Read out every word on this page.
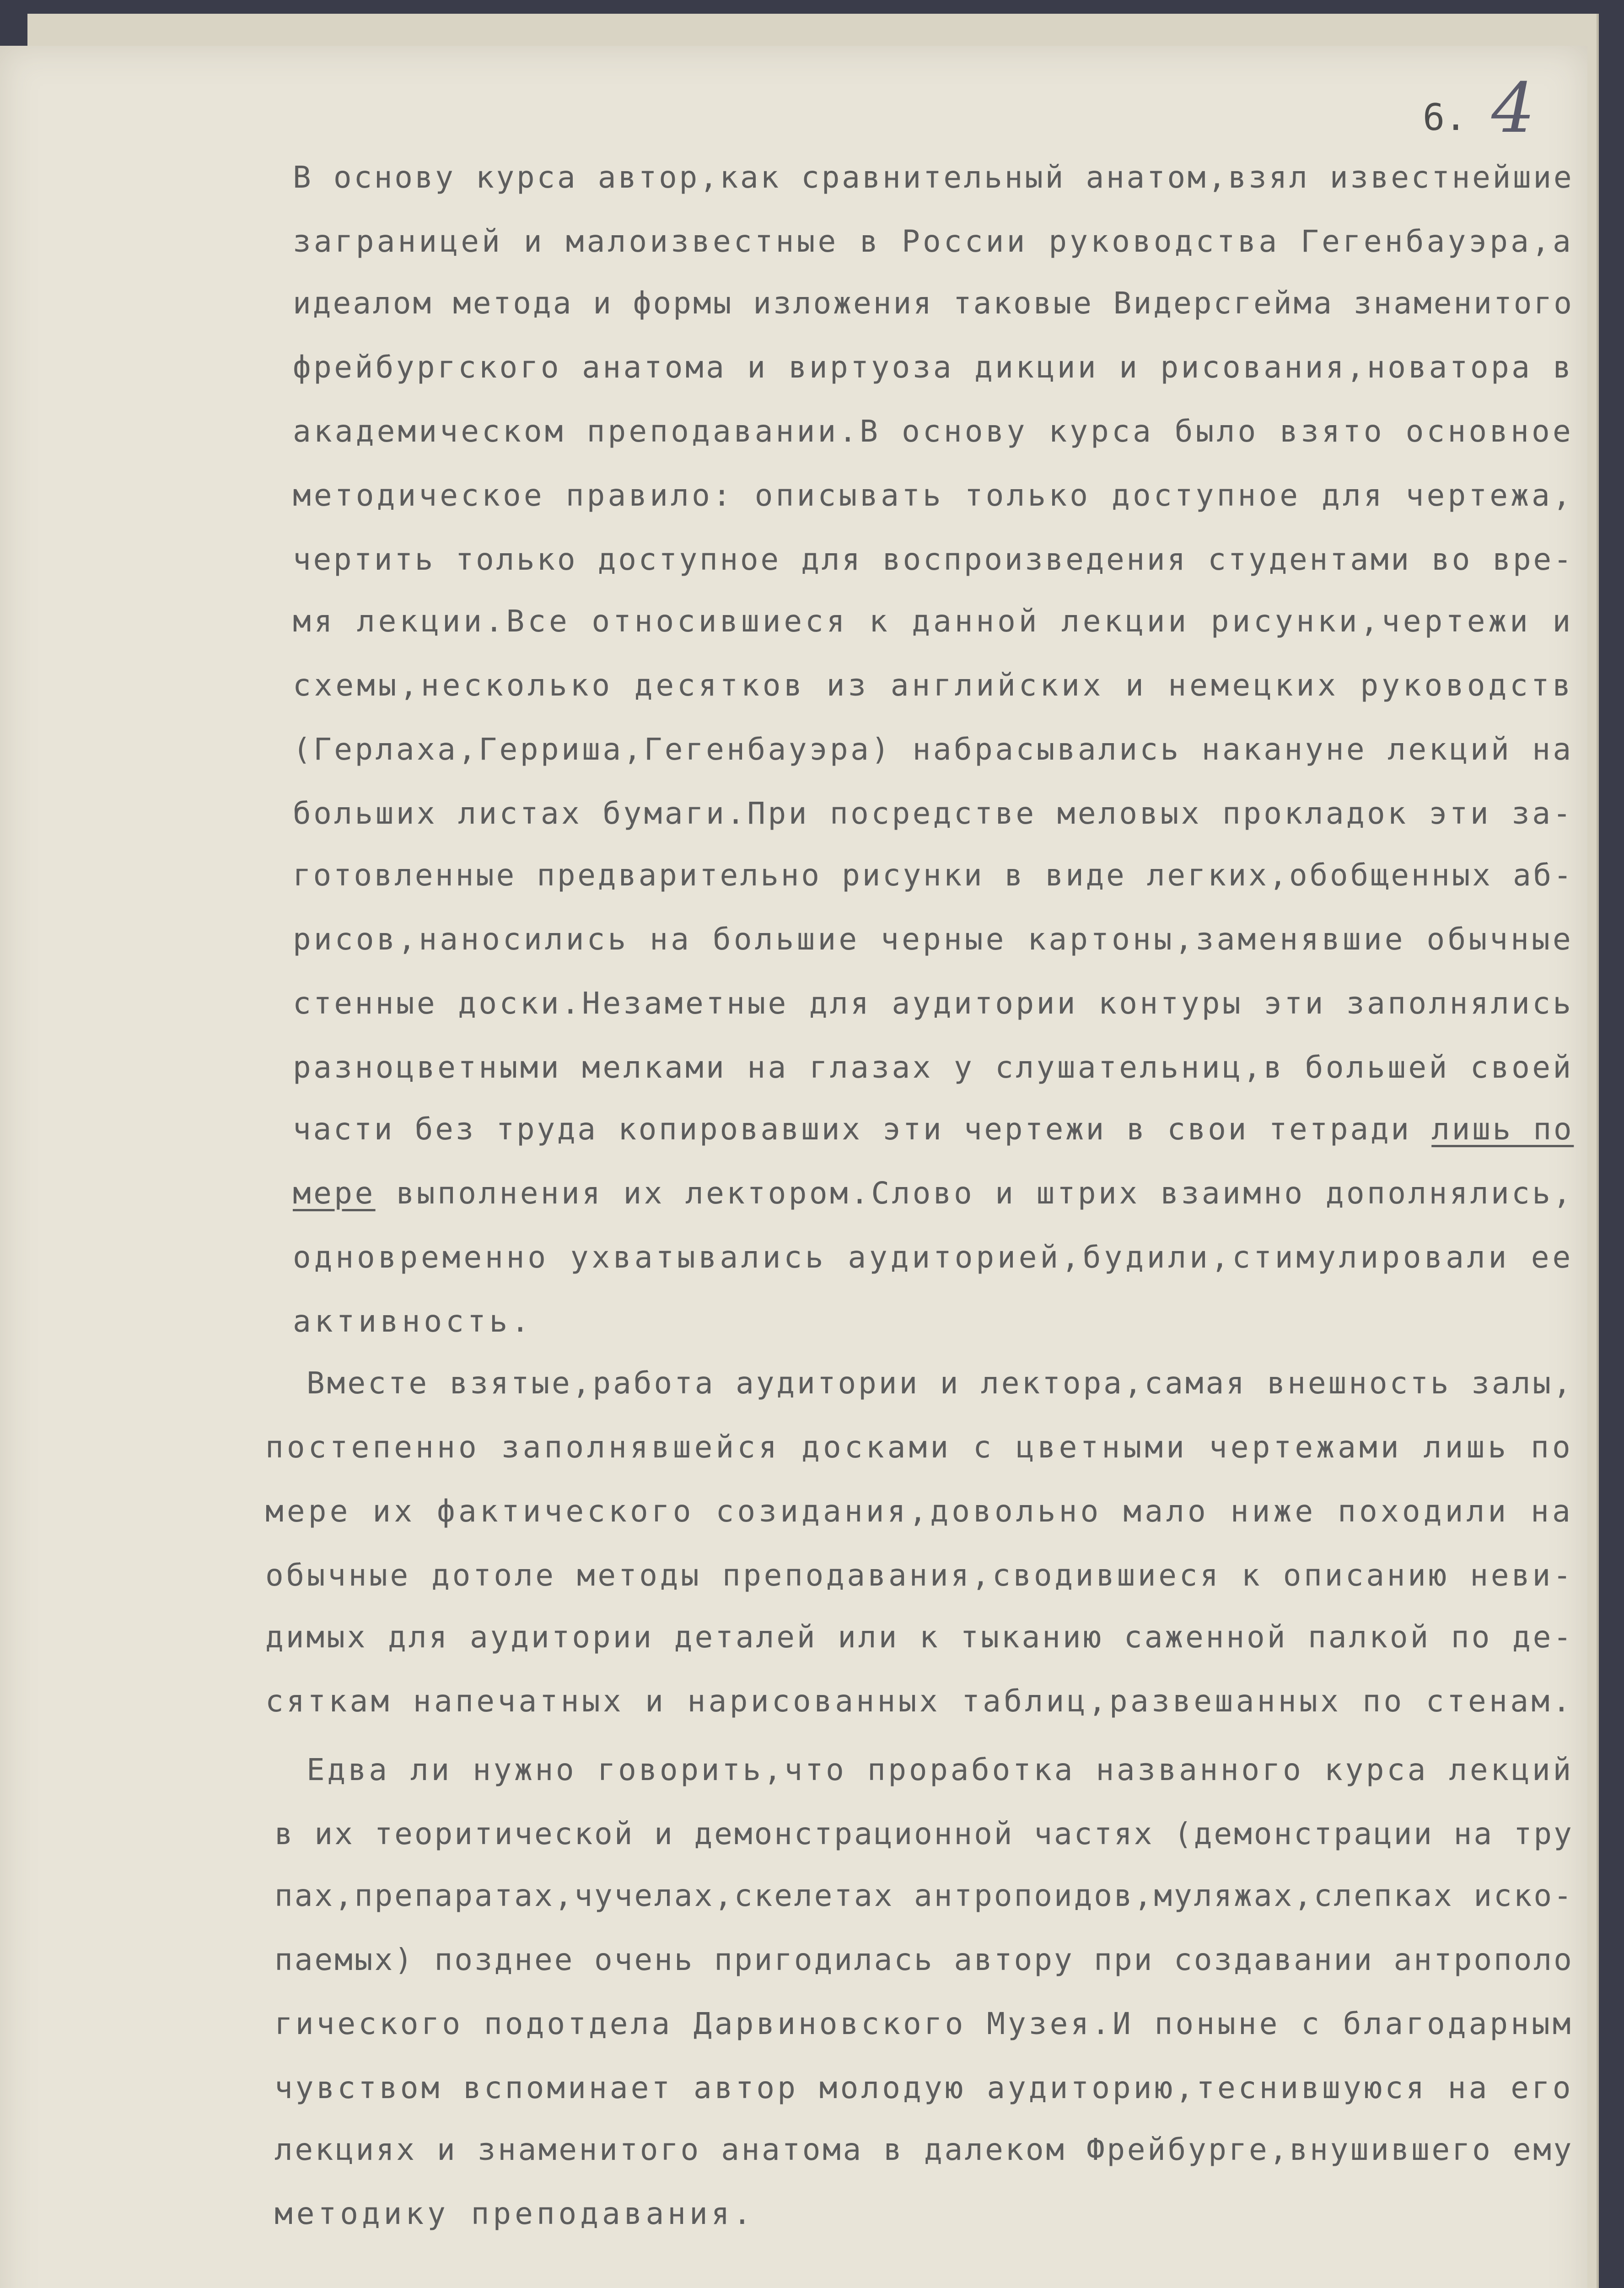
4
6.
В основу курса автор,как сравнительный анатом,взял известнейшие
заграницей и малоизвестные в России руководства Гегенбауэра,а
идеалом метода и формы изложения таковые Видерсгейма знаменитого
фрейбургского анатома и виртуоза дикции и рисования,новатора в
академическом преподавании.В основу курса было взято основное
методическое правило: описывать только доступное для чертежа,
чертить только доступное для воспроизведения студентами во вре-
мя лекции.Все относившиеся к данной лекции рисунки,чертежи и
схемы,несколько десятков из английских и немецких руководств
(Герлаха,Герриша,Гегенбауэра) набрасывались накануне лекций на
больших листах бумаги.При посредстве меловых прокладок эти за-
готовленные предварительно рисунки в виде легких,обобщенных аб-
рисов,наносились на большие черные картоны,заменявшие обычные
стенные доски.Незаметные для аудитории контуры эти заполнялись
разноцветными мелками на глазах у слушательниц,в большей своей
части без труда копировавших эти чертежи в свои тетради лишь по
мере выполнения их лектором.Слово и штрих взаимно дополнялись,
одновременно ухватывались аудиторией,будили,стимулировали ее
активность.
Вместе взятые,работа аудитории и лектора,самая внешность залы,
постепенно заполнявшейся досками с цветными чертежами лишь по
мере их фактического созидания,довольно мало ниже походили на
обычные дотоле методы преподавания,сводившиеся к описанию неви-
димых для аудитории деталей или к тыканию саженной палкой по де-
сяткам напечатных и нарисованных таблиц,развешанных по стенам.
Едва ли нужно говорить,что проработка названного курса лекций
в их теоритической и демонстрационной частях (демонстрации на тру
пах,препаратах,чучелах,скелетах антропоидов,муляжах,слепках иско-
паемых) позднее очень пригодилась автору при создавании антрополо
гического подотдела Дарвиновского Музея.И поныне с благодарным
чувством вспоминает автор молодую аудиторию,теснившуюся на его
лекциях и знаменитого анатома в далеком Фрейбурге,внушившего ему
методику преподавания.
